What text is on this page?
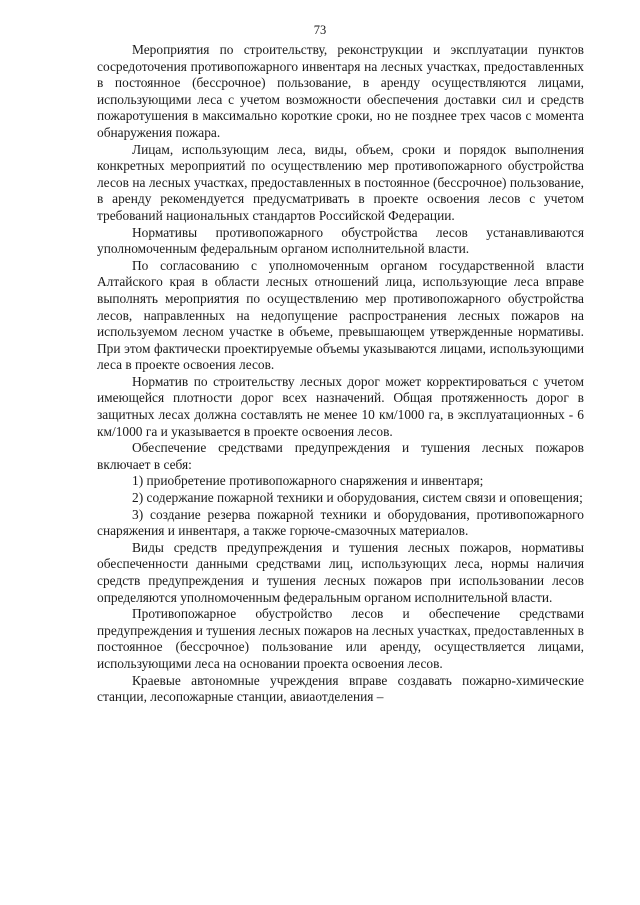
73

Мероприятия по строительству, реконструкции и эксплуатации пунктов сосредоточения противопожарного инвентаря на лесных участках, предоставленных в постоянное (бессрочное) пользование, в аренду осуществляются лицами, использующими леса с учетом возможности обеспечения доставки сил и средств пожаротушения в максимально короткие сроки, но не позднее трех часов с момента обнаружения пожара.

Лицам, использующим леса, виды, объем, сроки и порядок выполнения конкретных мероприятий по осуществлению мер противопожарного обустройства лесов на лесных участках, предоставленных в постоянное (бессрочное) пользование, в аренду рекомендуется предусматривать в проекте освоения лесов с учетом требований национальных стандартов Российской Федерации.

Нормативы противопожарного обустройства лесов устанавливаются уполномоченным федеральным органом исполнительной власти.

По согласованию с уполномоченным органом государственной власти Алтайского края в области лесных отношений лица, использующие леса вправе выполнять мероприятия по осуществлению мер противопожарного обустройства лесов, направленных на недопущение распространения лесных пожаров на используемом лесном участке в объеме, превышающем утвержденные нормативы. При этом фактически проектируемые объемы указываются лицами, использующими леса в проекте освоения лесов.

Норматив по строительству лесных дорог может корректироваться с учетом имеющейся плотности дорог всех назначений. Общая протяженность дорог в защитных лесах должна составлять не менее 10 км/1000 га, в эксплуатационных - 6 км/1000 га и указывается в проекте освоения лесов.

Обеспечение средствами предупреждения и тушения лесных пожаров включает в себя:

1) приобретение противопожарного снаряжения и инвентаря;

2) содержание пожарной техники и оборудования, систем связи и оповещения;

3) создание резерва пожарной техники и оборудования, противопожарного снаряжения и инвентаря, а также горюче-смазочных материалов.

Виды средств предупреждения и тушения лесных пожаров, нормативы обеспеченности данными средствами лиц, использующих леса, нормы наличия средств предупреждения и тушения лесных пожаров при использовании лесов определяются уполномоченным федеральным органом исполнительной власти.

Противопожарное обустройство лесов и обеспечение средствами предупреждения и тушения лесных пожаров на лесных участках, предоставленных в постоянное (бессрочное) пользование или аренду, осуществляется лицами, использующими леса на основании проекта освоения лесов.

Краевые автономные учреждения вправе создавать пожарно-химические станции, лесопожарные станции, авиаотделения –
